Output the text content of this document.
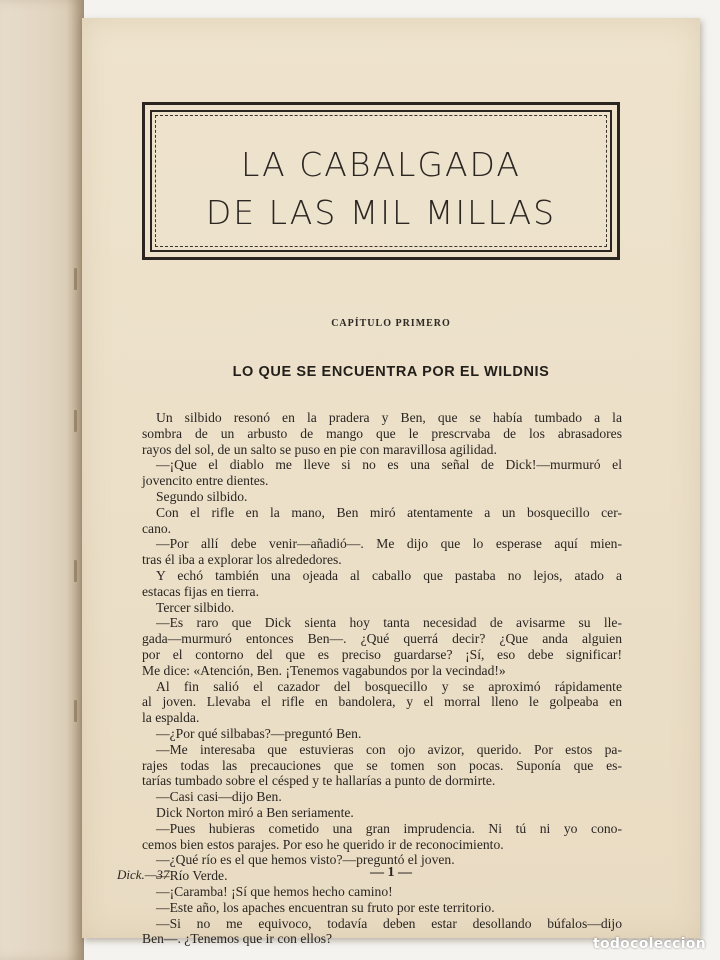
LA CABALGADA
DE LAS MIL MILLAS
CAPÍTULO PRIMERO
LO QUE SE ENCUENTRA POR EL WILDNIS
Un silbido resonó en la pradera y Ben, que se había tumbado a la
sombra de un arbusto de mango que le prescrvaba de los abrasadores
rayos del sol, de un salto se puso en pie con maravillosa agilidad.
—¡Que el diablo me lleve si no es una señal de Dick!—murmuró el
jovencito entre dientes.
Segundo silbido.
Con el rifle en la mano, Ben miró atentamente a un bosquecillo cer-
cano.
—Por allí debe venir—añadió—. Me dijo que lo esperase aquí mien-
tras él iba a explorar los alrededores.
Y echó también una ojeada al caballo que pastaba no lejos, atado a
estacas fijas en tierra.
Tercer silbido.
—Es raro que Dick sienta hoy tanta necesidad de avisarme su lle-
gada—murmuró entonces Ben—. ¿Qué querrá decir? ¿Que anda alguien
por el contorno del que es preciso guardarse? ¡Sí, eso debe significar!
Me dice: «Atención, Ben. ¡Tenemos vagabundos por la vecindad!»
Al fin salió el cazador del bosquecillo y se aproximó rápidamente
al joven. Llevaba el rifle en bandolera, y el morral lleno le golpeaba en
la espalda.
—¿Por qué silbabas?—preguntó Ben.
—Me interesaba que estuvieras con ojo avizor, querido. Por estos pa-
rajes todas las precauciones que se tomen son pocas. Suponía que es-
tarías tumbado sobre el césped y te hallarías a punto de dormirte.
—Casi casi—dijo Ben.
Dick Norton miró a Ben seriamente.
—Pues hubieras cometido una gran imprudencia. Ni tú ni yo cono-
cemos bien estos parajes. Por eso he querido ir de reconocimiento.
—¿Qué río es el que hemos visto?—preguntó el joven.
—Río Verde.
—¡Caramba! ¡Sí que hemos hecho camino!
—Este año, los apaches encuentran su fruto por este territorio.
—Si no me equivoco, todavía deben estar desollando búfalos—dijo
Ben—. ¿Tenemos que ir con ellos?
Dick.—37	— 1 —
todocoleccion
